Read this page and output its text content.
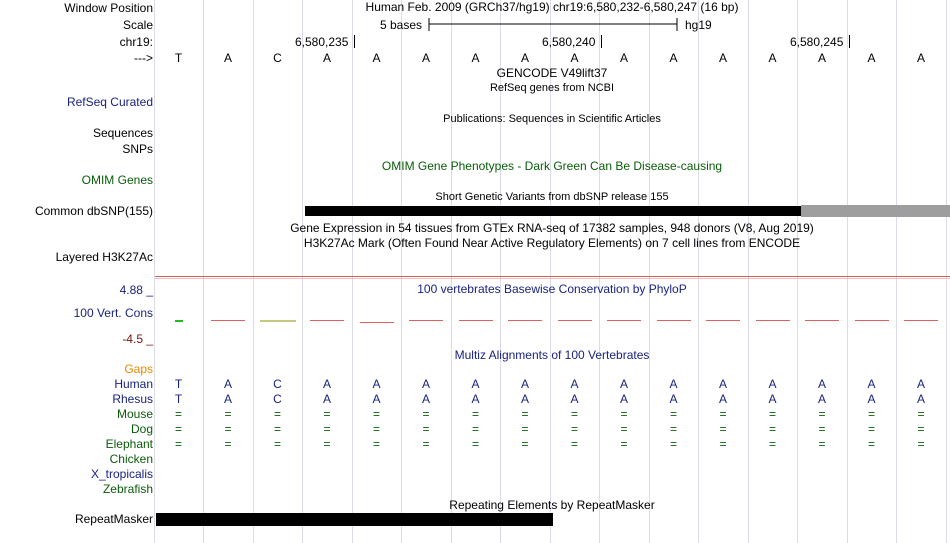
Window Position	Human Feb. 2009 (GRCh37/hg19) chr19:6,580,232-6,580,247 (16 bp)
Scale	5 bases	hg19
chr19:	6,580,235	6,580,240	6,580,245
--->	T	A	C	A	A	A	A	A	A	A	A	A	A	A	A	A
GENCODE V49lift37
RefSeq genes from NCBI
RefSeq Curated
Publications: Sequences in Scientific Articles
Sequences
SNPs
OMIM Gene Phenotypes - Dark Green Can Be Disease-causing
OMIM Genes
Short Genetic Variants from dbSNP release 155
Common dbSNP(155)
Gene Expression in 54 tissues from GTEx RNA-seq of 17382 samples, 948 donors (V8, Aug 2019)
H3K27Ac Mark (Often Found Near Active Regulatory Elements) on 7 cell lines from ENCODE
Layered H3K27Ac
4.88 _	100 vertebrates Basewise Conservation by PhyloP
100 Vert. Cons
-4.5 _
Multiz Alignments of 100 Vertebrates
Gaps
Human	T	A	C	A	A	A	A	A	A	A	A	A	A	A	A	A
Rhesus	T	A	C	A	A	A	A	A	A	A	A	A	A	A	A	A
Mouse	=	=	=	=	=	=	=	=	=	=	=	=	=	=	=	=
Dog	=	=	=	=	=	=	=	=	=	=	=	=	=	=	=	=
Elephant	=	=	=	=	=	=	=	=	=	=	=	=	=	=	=	=
Chicken
X_tropicalis
Zebrafish
Repeating Elements by RepeatMasker
RepeatMasker
